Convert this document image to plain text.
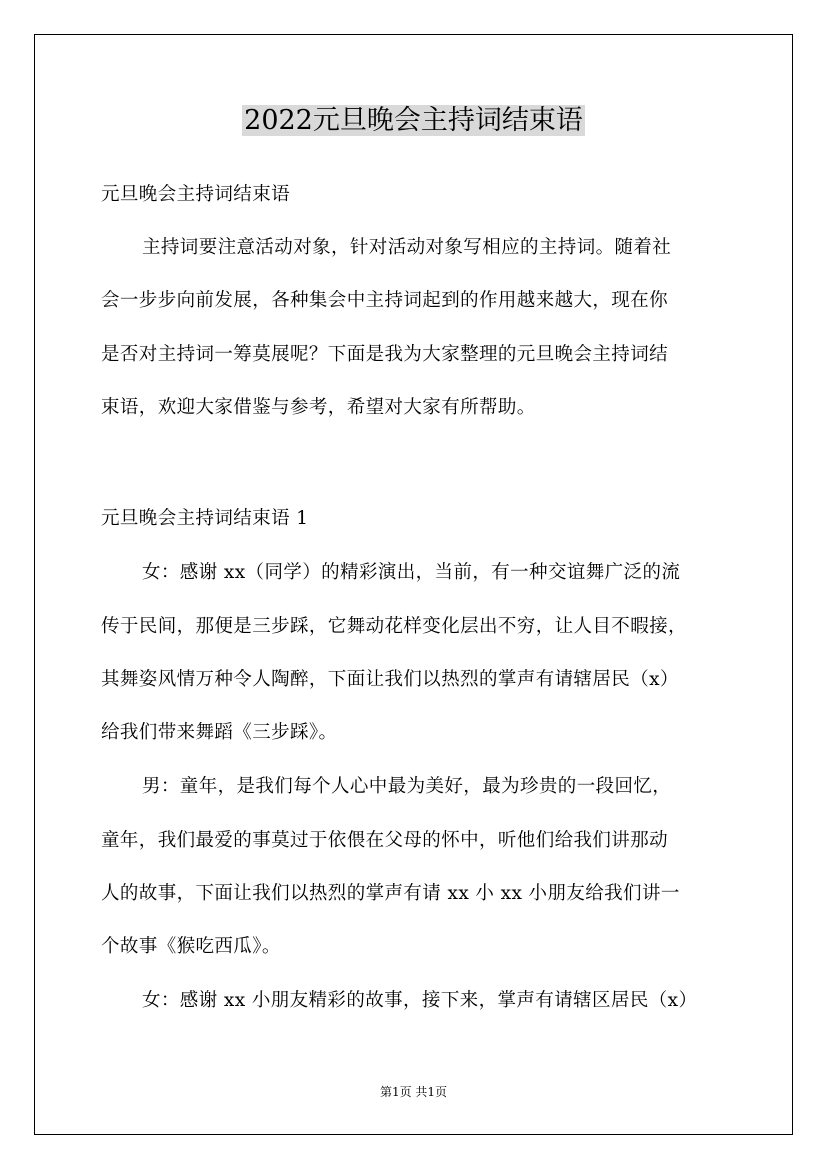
2022元旦晚会主持词结束语
元旦晚会主持词结束语
主持词要注意活动对象，针对活动对象写相应的主持词。随着社
会一步步向前发展，各种集会中主持词起到的作用越来越大，现在你
是否对主持词一筹莫展呢？下面是我为大家整理的元旦晚会主持词结
束语，欢迎大家借鉴与参考，希望对大家有所帮助。
元旦晚会主持词结束语 1
女：感谢 xx（同学）的精彩演出，当前，有一种交谊舞广泛的流
传于民间，那便是三步踩，它舞动花样变化层出不穷，让人目不暇接，
其舞姿风情万种令人陶醉，下面让我们以热烈的掌声有请辖居民（x）
给我们带来舞蹈《三步踩》。
男：童年，是我们每个人心中最为美好，最为珍贵的一段回忆，
童年，我们最爱的事莫过于依偎在父母的怀中，听他们给我们讲那动
人的故事，下面让我们以热烈的掌声有请 xx 小 xx 小朋友给我们讲一
个故事《猴吃西瓜》。
女：感谢 xx 小朋友精彩的故事，接下来，掌声有请辖区居民（x）
第1页 共1页
